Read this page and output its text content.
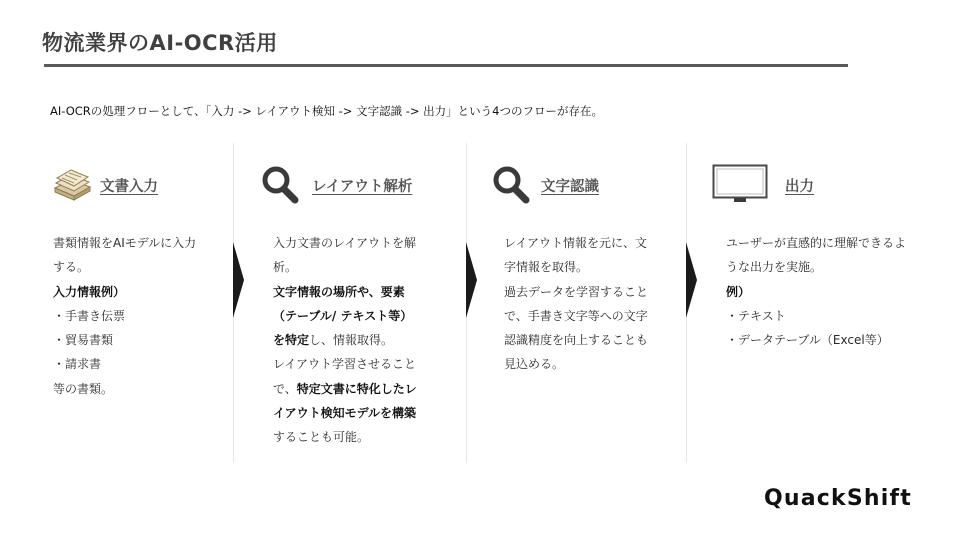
物流業界のAI-OCR活用
AI-OCRの処理フローとして、「入力 -> レイアウト検知 -> 文字認識 -> 出力」という4つのフローが存在。
文書入力	レイアウト解析	文字認識	出力

書類情報をAIモデルに入力

する。

入力情報例）

・手書き伝票

・貿易書類

・請求書

等の書類。

入力文書のレイアウトを解

析。

文字情報の場所や、要素

（テーブル/ テキスト等）

を特定し、情報取得。

レイアウト学習させること

で、特定文書に特化したレ

イアウト検知モデルを構築

することも可能。

レイアウト情報を元に、文

字情報を取得。

過去データを学習すること

で、手書き文字等への文字

認識精度を向上することも

見込める。

ユーザーが直感的に理解できるよ

うな出力を実施。

例）

・テキスト

・データテーブル（Excel等）

QuackShift
